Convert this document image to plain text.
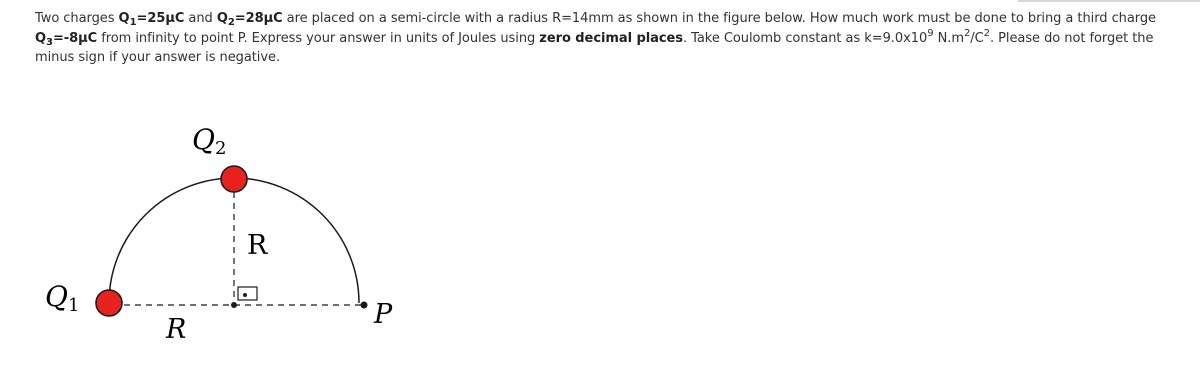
Two charges $Q_1=25\mu C$ and $Q_2=28\mu C$ are placed on a semi-circle with a radius R=14mm as shown in the figure below. How much work must be done to bring a third charge $Q_3=-8\mu C$ from infinity to point P. Express your answer in units of Joules using zero decimal places. Take Coulomb constant as $k=9.0x10^9$ $N.m^2/C^2$. Please do not forget the minus sign if your answer is negative.
Q2
Q1
R
R	P
